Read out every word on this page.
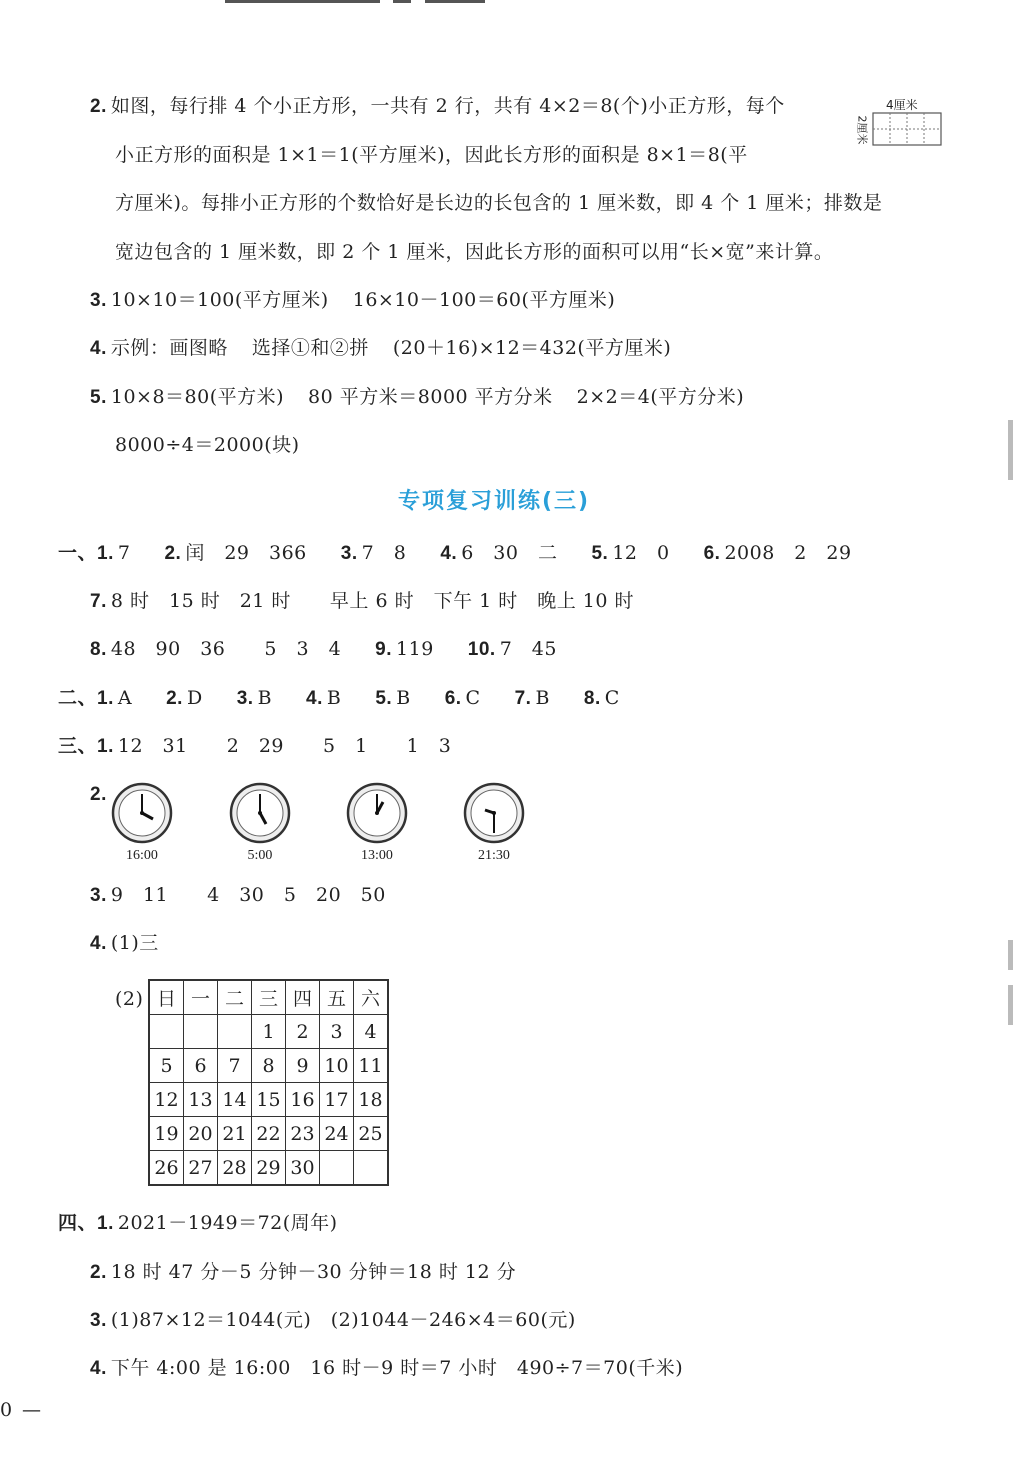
2. 如图，每行排 4 个小正方形，一共有 2 行，共有 4×2＝8(个)小正方形，每个
小正方形的面积是 1×1＝1(平方厘米)，因此长方形的面积是 8×1＝8(平
方厘米)。每排小正方形的个数恰好是长边的长包含的 1 厘米数，即 4 个 1 厘米；排数是
宽边包含的 1 厘米数，即 2 个 1 厘米，因此长方形的面积可以用“长×宽”来计算。
4厘米
2厘米
3. 10×10＝100(平方厘米) 16×10－100＝60(平方厘米)
4. 示例：画图略 选择①和②拼 (20＋16)×12＝432(平方厘米)
5. 10×8＝80(平方米) 80 平方米＝8000 平方分米 2×2＝4(平方分米)
8000÷4＝2000(块)
专项复习训练(三)
一、1. 7 2. 闰　29　366 3. 7　8 4. 6　30　二 5. 12　0 6. 2008　2　29
7. 8 时　15 时　21 时　　早上 6 时　下午 1 时　晚上 10 时
8. 48　90　36　　5　3　4 9. 119 10. 7　45
二、1. A 2. D 3. B 4. B 5. B 6. C 7. B 8. C
三、1. 12　31　　2　29　　5　1　　1　3
2.
16:00	5:00	13:00	21:30
3. 9　11　　4　30　5　20　50
4. (1)三
(2) 日	一	二	三	四	五	六
			1	2	3	4
5	6	7	8	9	10	11
12	13	14	15	16	17	18
19	20	21	22	23	24	25
26	27	28	29	30		
四、1. 2021－1949＝72(周年)
2. 18 时 47 分－5 分钟－30 分钟＝18 时 12 分
3. (1)87×12＝1044(元)　(2)1044－246×4＝60(元)
4. 下午 4:00 是 16:00　16 时－9 时＝7 小时　490÷7＝70(千米)
0 —
